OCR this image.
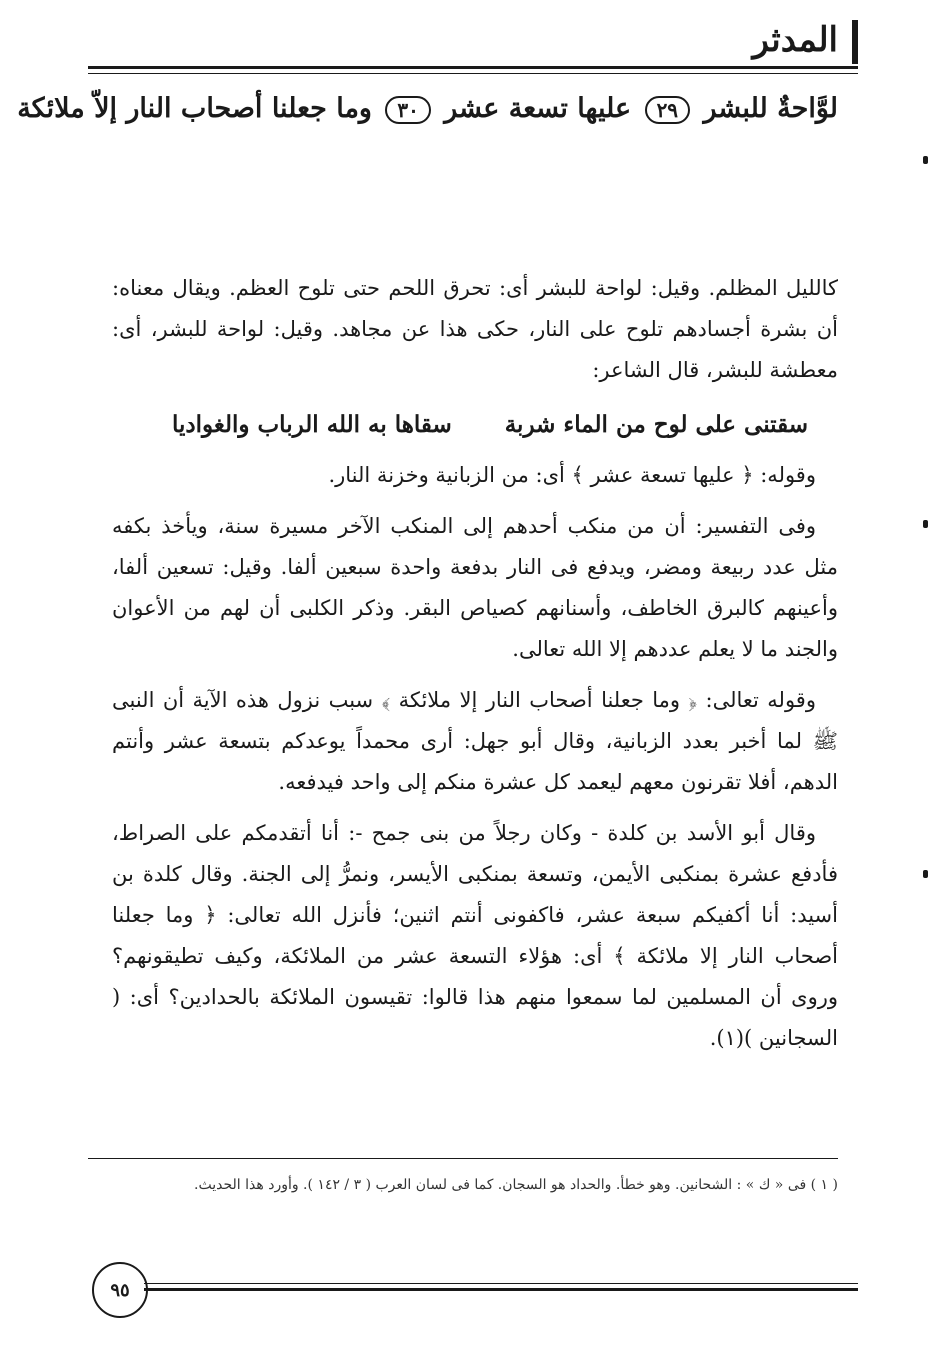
المدثر
لوَّاحةٌ للبشر ٢٩ عليها تسعة عشر ٣٠ وما جعلنا أصحاب النار إلاّ ملائكة

كالليل المظلم. وقيل: لواحة للبشر أى: تحرق اللحم حتى تلوح العظم. ويقال معناه: أن بشرة أجسادهم تلوح على النار، حكى هذا عن مجاهد. وقيل: لواحة للبشر، أى: معطشة للبشر، قال الشاعر:

سقتنى على لوح من الماء شربة
سقاها به الله الرباب والغواديا

وقوله: ﴿ عليها تسعة عشر ﴾ أى: من الزبانية وخزنة النار.

وفى التفسير: أن من منكب أحدهم إلى المنكب الآخر مسيرة سنة، ويأخذ بكفه مثل عدد ربيعة ومضر، ويدفع فى النار بدفعة واحدة سبعين ألفا. وقيل: تسعين ألفا، وأعينهم كالبرق الخاطف، وأسنانهم كصياص البقر. وذكر الكلبى أن لهم من الأعوان والجند ما لا يعلم عددهم إلا الله تعالى.

وقوله تعالى: ﴿ وما جعلنا أصحاب النار إلا ملائكة ﴾ سبب نزول هذه الآية أن النبى ﷺ لما أخبر بعدد الزبانية، وقال أبو جهل: أرى محمداً يوعدكم بتسعة عشر وأنتم الدهم، أفلا تقرنون معهم ليعمد كل عشرة منكم إلى واحد فيدفعه.

وقال أبو الأسد بن كلدة - وكان رجلاً من بنى جمح -: أنا أتقدمكم على الصراط، فأدفع عشرة بمنكبى الأيمن، وتسعة بمنكبى الأيسر، ونمرُّ إلى الجنة. وقال كلدة بن أسيد: أنا أكفيكم سبعة عشر، فاكفونى أنتم اثنين؛ فأنزل الله تعالى: ﴿ وما جعلنا أصحاب النار إلا ملائكة ﴾ أى: هؤلاء التسعة عشر من الملائكة، وكيف تطيقونهم؟ وروى أن المسلمين لما سمعوا منهم هذا قالوا: تقيسون الملائكة بالحدادين؟ أى: ( السجانين )(١).

( ١ ) فى « ك » : الشحانين. وهو خطأ. والحداد هو السجان. كما فى لسان العرب ( ٣ / ١٤٢ ). وأورد هذا الحديث.
٩٥
